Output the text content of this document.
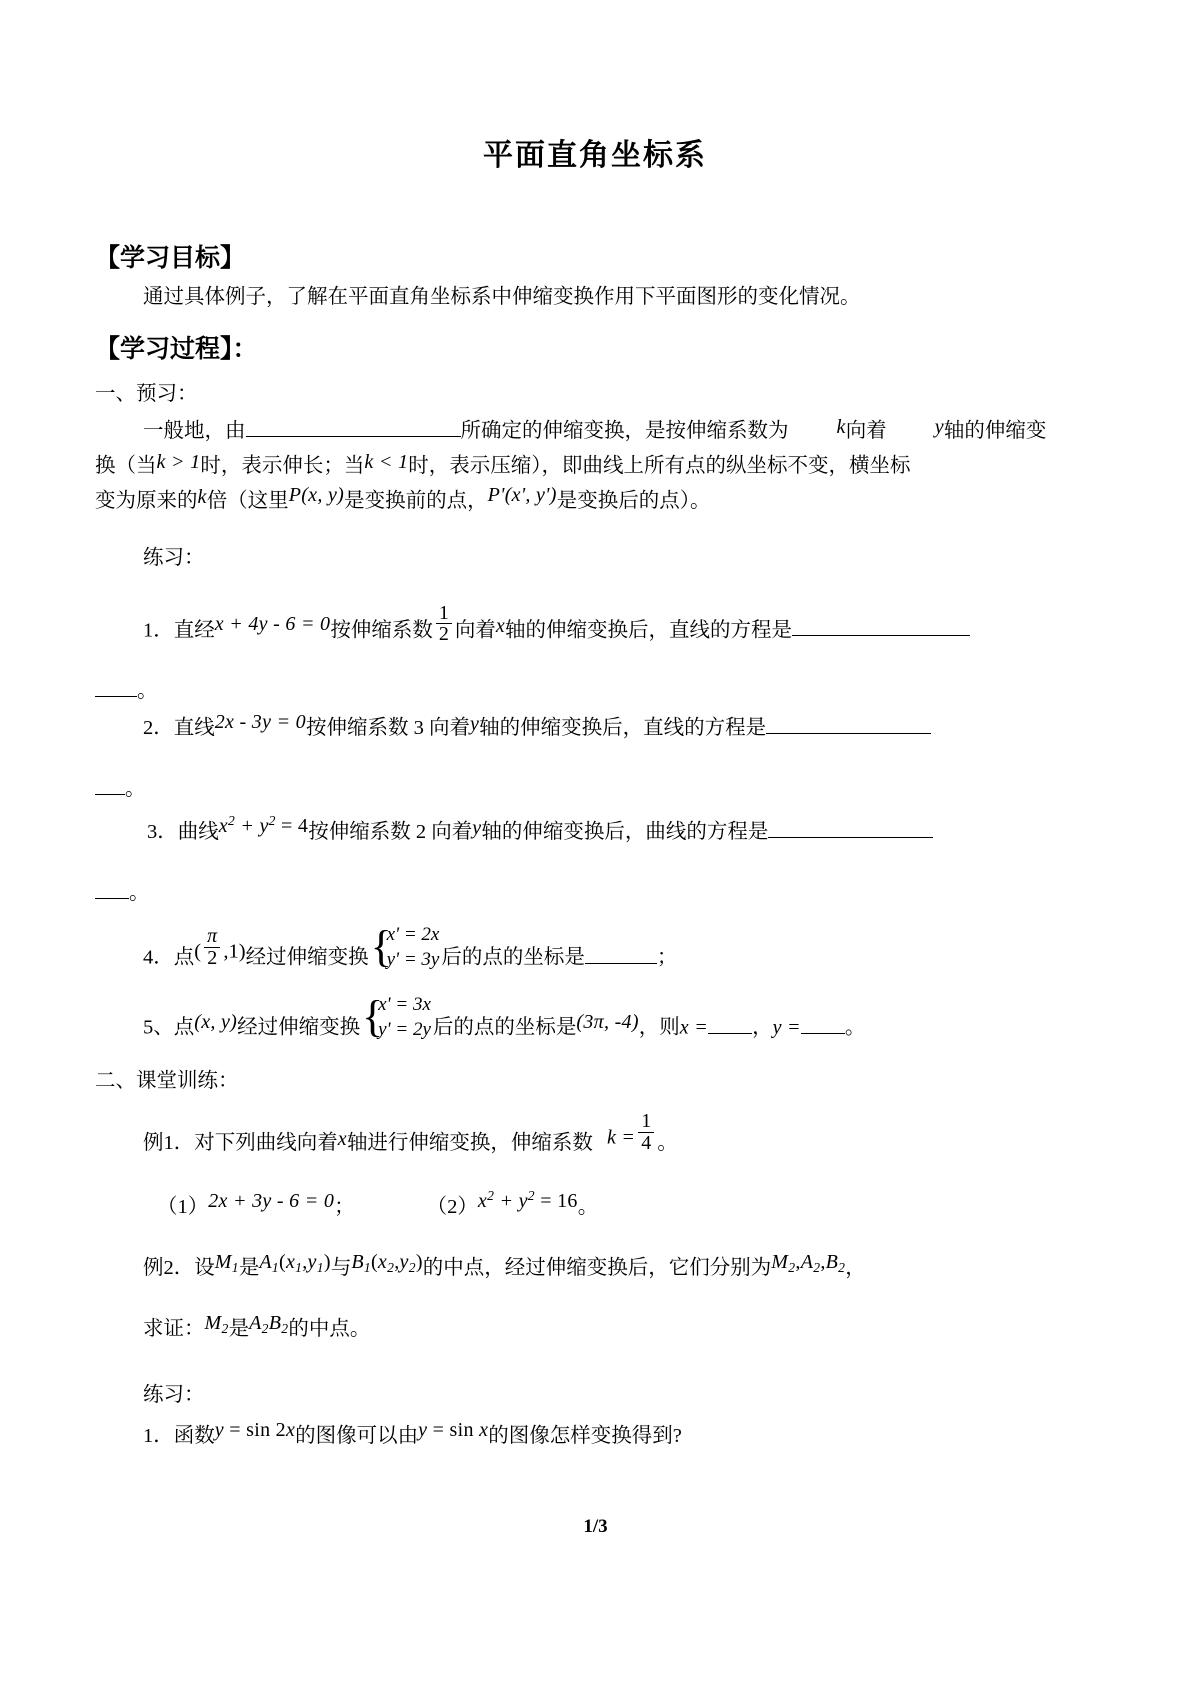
平面直角坐标系
【学习目标】

通过具体例子，了解在平面直角坐标系中伸缩变换作用下平面图形的变化情况。

【学习过程】：

一、预习：

一般地，由	所确定的伸缩变换，是按伸缩系数为 k向着 y轴的伸缩变

换（当k > 1时，表示伸长；当k < 1时，表示压缩），即曲线上所有点的纵坐标不变，横坐标

变为原来的k倍（这里P(x, y)是变换前的点，P'(x', y')是变换后的点）。

练习：

1．直经x + 4y - 6 = 0按伸缩系数 $\frac{1}{2}$ 向着x轴的伸缩变换后，直线的方程是

。

2．直线2x - 3y = 0按伸缩系数 3 向着y轴的伸缩变换后，直线的方程是

。

3．曲线$x^2 + y^2 = 4$按伸缩系数 2 向着y轴的伸缩变换后，曲线的方程是

。

4．点( $\frac{\pi}{2} ,1$)经过伸缩变换 {
x' = 2x
y' = 3y 后的点的坐标是	；

5、点(x, y)经过伸缩变换 {
x' = 3x
y' = 2y 后的点的坐标是(3π, -4)，则x = ，y = 。

二、课堂训练：

例1．对下列曲线向着x轴进行伸缩变换，伸缩系数 $k = \frac{1}{4}$ 。

（1）2x + 3y - 6 = 0；	$(2)x^2 + y^2 = 16$。

例2．设$M_1$是$A_1(x_1,y_1)$与$B_1(x_2,y_2)$的中点，经过伸缩变换后，它们分别为$M_2,A_2,B_2$，

求证：$M_2$是$A_2B_2$的中点。

练习：

1．函数y = sin 2x的图像可以由y = sin x的图像怎样变换得到?

1/3
